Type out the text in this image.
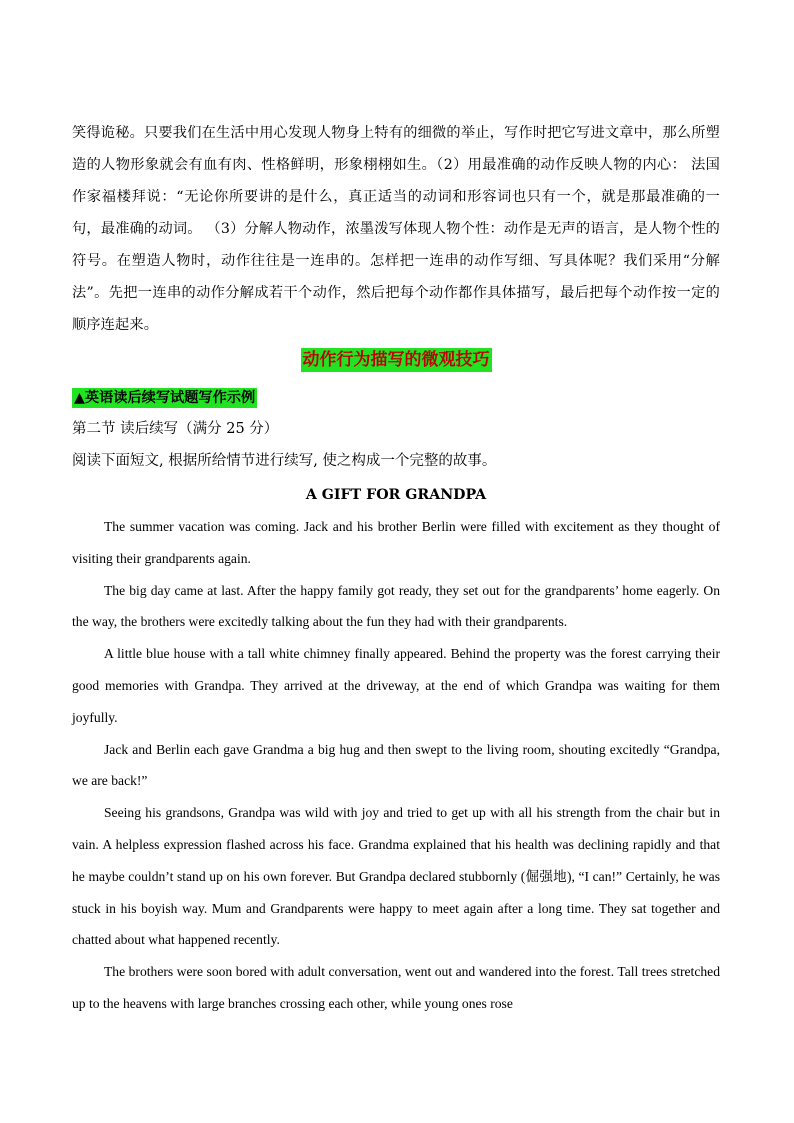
笑得诡秘。只要我们在生活中用心发现人物身上特有的细微的举止，写作时把它写进文章中，那么所塑造的人物形象就会有血有肉、性格鲜明，形象栩栩如生。（2）用最准确的动作反映人物的内心： 法国作家福楼拜说：“无论你所要讲的是什么，真正适当的动词和形容词也只有一个，就是那最准确的一句，最准确的动词。 （3）分解人物动作，浓墨泼写体现人物个性：动作是无声的语言，是人物个性的符号。在塑造人物时，动作往往是一连串的。怎样把一连串的动作写细、写具体呢？我们采用“分解法”。先把一连串的动作分解成若干个动作，然后把每个动作都作具体描写，最后把每个动作按一定的顺序连起来。

动作行为描写的微观技巧
▲英语读后续写试题写作示例

第二节 读后续写（满分 25 分）

阅读下面短文, 根据所给情节进行续写, 使之构成一个完整的故事。

A GIFT FOR GRANDPA

The summer vacation was coming. Jack and his brother Berlin were filled with excitement as they thought of visiting their grandparents again.

The big day came at last. After the happy family got ready, they set out for the grandparents’ home eagerly. On the way, the brothers were excitedly talking about the fun they had with their grandparents.

A little blue house with a tall white chimney finally appeared. Behind the property was the forest carrying their good memories with Grandpa. They arrived at the driveway, at the end of which Grandpa was waiting for them joyfully.

Jack and Berlin each gave Grandma a big hug and then swept to the living room, shouting excitedly “Grandpa, we are back!”

Seeing his grandsons, Grandpa was wild with joy and tried to get up with all his strength from the chair but in vain. A helpless expression flashed across his face. Grandma explained that his health was declining rapidly and that he maybe couldn’t stand up on his own forever. But Grandpa declared stubbornly (倔强地), “I can!” Certainly, he was stuck in his boyish way. Mum and Grandparents were happy to meet again after a long time. They sat together and chatted about what happened recently.

The brothers were soon bored with adult conversation, went out and wandered into the forest. Tall trees stretched up to the heavens with large branches crossing each other, while young ones rose
